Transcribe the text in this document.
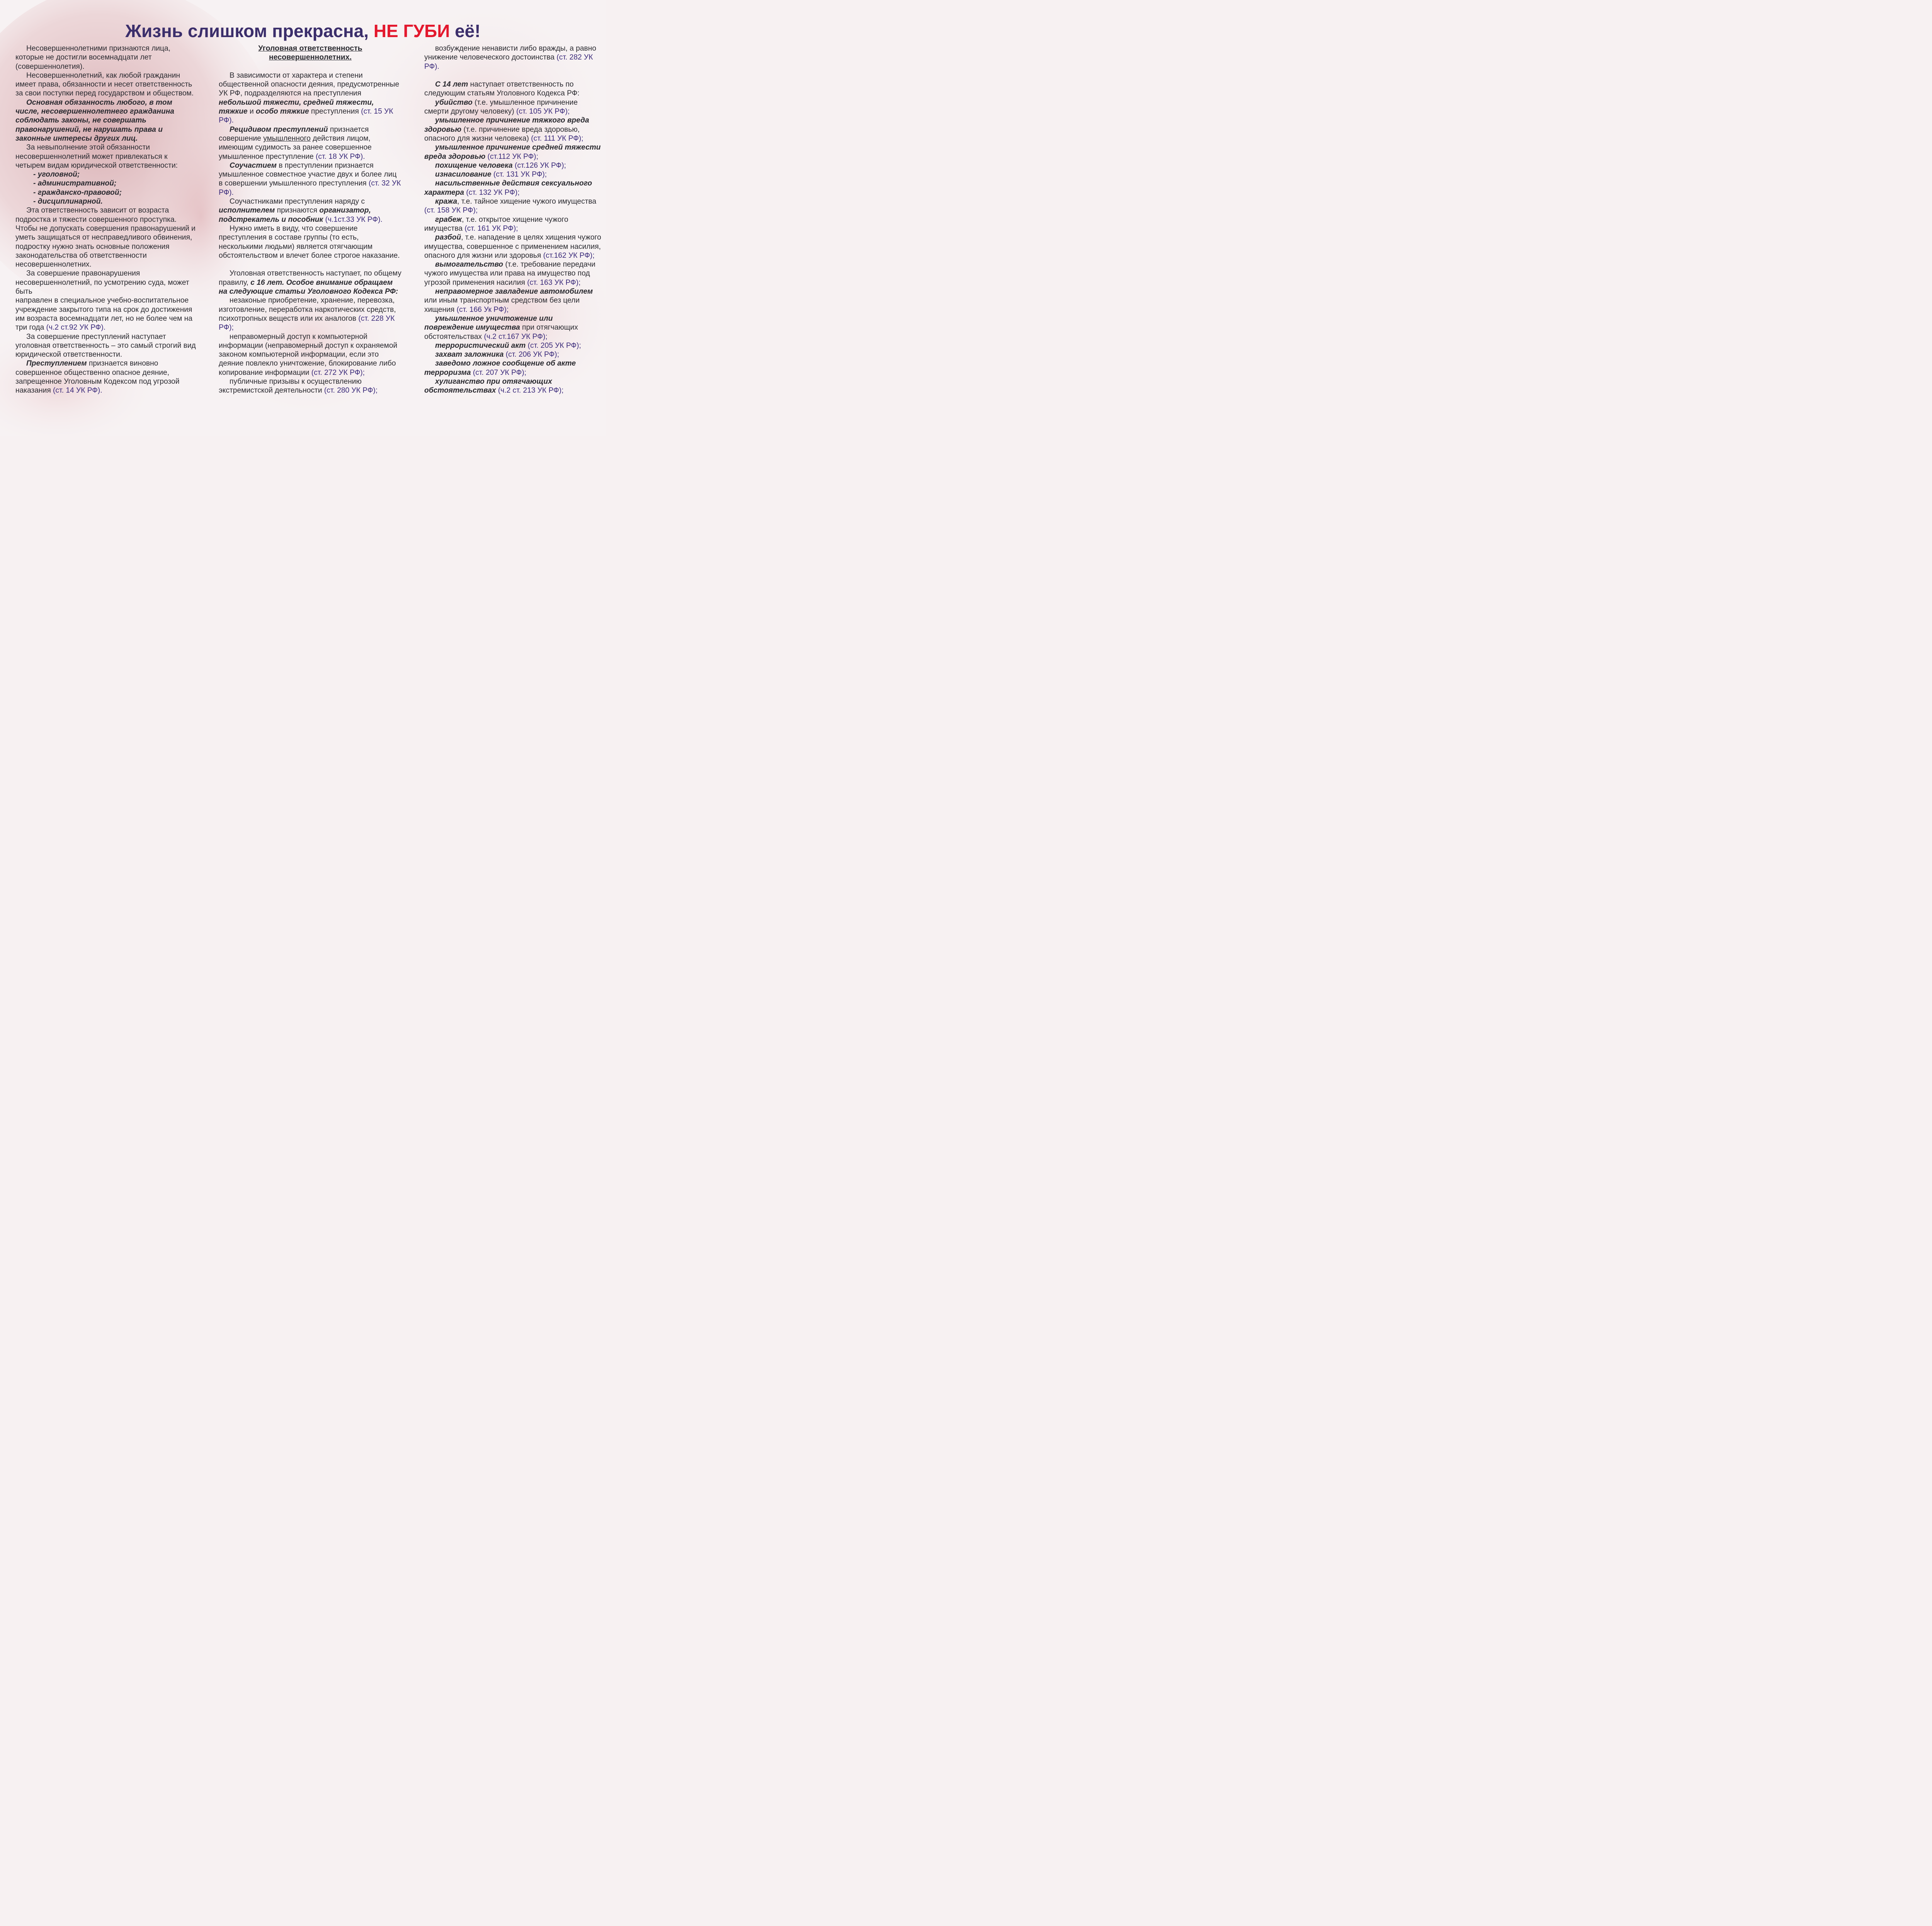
Жизнь слишком прекрасна, НЕ ГУБИ её!

Несовершеннолетними признаются лица, которые не достигли восемнадцати лет (совершеннолетия).

Несовершеннолетний, как любой гражданин имеет права, обязанности и несет ответственность за свои поступки перед государством и обществом.

Основная обязанность любого, в том числе, несовершеннолетнего гражданина соблюдать законы, не совершать правонарушений, не нарушать права и законные интересы других лиц.

За невыполнение этой обязанности несовершеннолетний может привлекаться к четырем видам юридической ответственности:

- уголовной;

- административной;

- гражданско-правовой;

- дисциплинарной.

Эта ответственность зависит от возраста подростка и тяжести совершенного проступка. Чтобы не допускать совершения правонарушений и уметь защищаться от несправедливого обвинения, подростку нужно знать основные положения законодательства об ответственности несовершеннолетних.

За совершение правонарушения несовершеннолетний, по усмотрению суда, может быть

направлен в специальное учебно-воспитательное учреждение закрытого типа на срок до достижения им возраста восемнадцати лет, но не более чем на три года (ч.2 ст.92 УК РФ).

За совершение преступлений наступает уголовная ответственность – это самый строгий вид юридической ответственности.

Преступлением признается виновно совершенное общественно опасное деяние, запрещенное Уголовным Кодексом под угрозой наказания (ст. 14 УК РФ).

Уголовная ответственность

несовершеннолетних.

В зависимости от характера и степени общественной опасности деяния, предусмотренные УК РФ, подразделяются на преступления небольшой тяжести, средней тяжести, тяжкие и особо тяжкие преступления (ст. 15 УК РФ).

Рецидивом преступлений признается совершение умышленного действия лицом, имеющим судимость за ранее совершенное умышленное преступление (ст. 18 УК РФ).

Соучастием в преступлении признается умышленное совместное участие двух и более лиц в совершении умышленного преступления (ст. 32 УК РФ).

Соучастниками преступления наряду с исполнителем признаются организатор, подстрекатель и пособник (ч.1ст.33 УК РФ).

Нужно иметь в виду, что совершение преступления в составе группы (то есть, несколькими людьми) является отягчающим обстоятельством и влечет более строгое наказание.

Уголовная ответственность наступает, по общему правилу, с 16 лет. Особое внимание обращаем на следующие статьи Уголовного Кодекса РФ:

незаконые приобретение, хранение, перевозка, изготовление, переработка наркотических средств, психотропных веществ или их аналогов (ст. 228 УК РФ);

неправомерный доступ к компьютерной информации (неправомерный доступ к охраняемой законом компьютерной информации, если это деяние повлекло уничтожение, блокирование либо копирование информации (ст. 272 УК РФ);

публичные призывы к осуществлению экстремистской деятельности (ст. 280 УК РФ);

возбуждение ненависти либо вражды, а равно унижение человеческого достоинства (ст. 282 УК РФ).

С 14 лет наступает ответственность по следующим статьям Уголовного Кодекса РФ:

убийство (т.е. умышленное причинение смерти другому человеку) (ст. 105 УК РФ);

умышленное причинение тяжкого вреда здоровью (т.е. причинение вреда здоровью, опасного для жизни человека) (ст. 111 УК РФ);

умышленное причинение средней тяжести вреда здоровью (ст.112 УК РФ);

похищение человека (ст.126 УК РФ);

изнасилование (ст. 131 УК РФ);

насильственные действия сексуального характера (ст. 132 УК РФ);

кража, т.е. тайное хищение чужого имущества (ст. 158 УК РФ);

грабеж, т.е. открытое хищение чужого имущества (ст. 161 УК РФ);

разбой, т.е. нападение в целях хищения чужого имущества, совершенное с применением насилия, опасного для жизни или здоровья (ст.162 УК РФ);

вымогательство (т.е. требование передачи чужого имущества или права на имущество под угрозой применения насилия (ст. 163 УК РФ);

неправомерное завладение автомобилем или иным транспортным средством без цели хищения (ст. 166 Ук РФ);

умышленное уничтожение или повреждение имущества при отягчающих обстоятельствах (ч.2 ст.167 УК РФ);

террористический акт (ст. 205 УК РФ);

захват заложника (ст. 206 УК РФ);

заведомо ложное сообщение об акте терроризма (ст. 207 УК РФ);

хулиганство при отягчающих обстоятельствах (ч.2 ст. 213 УК РФ);
